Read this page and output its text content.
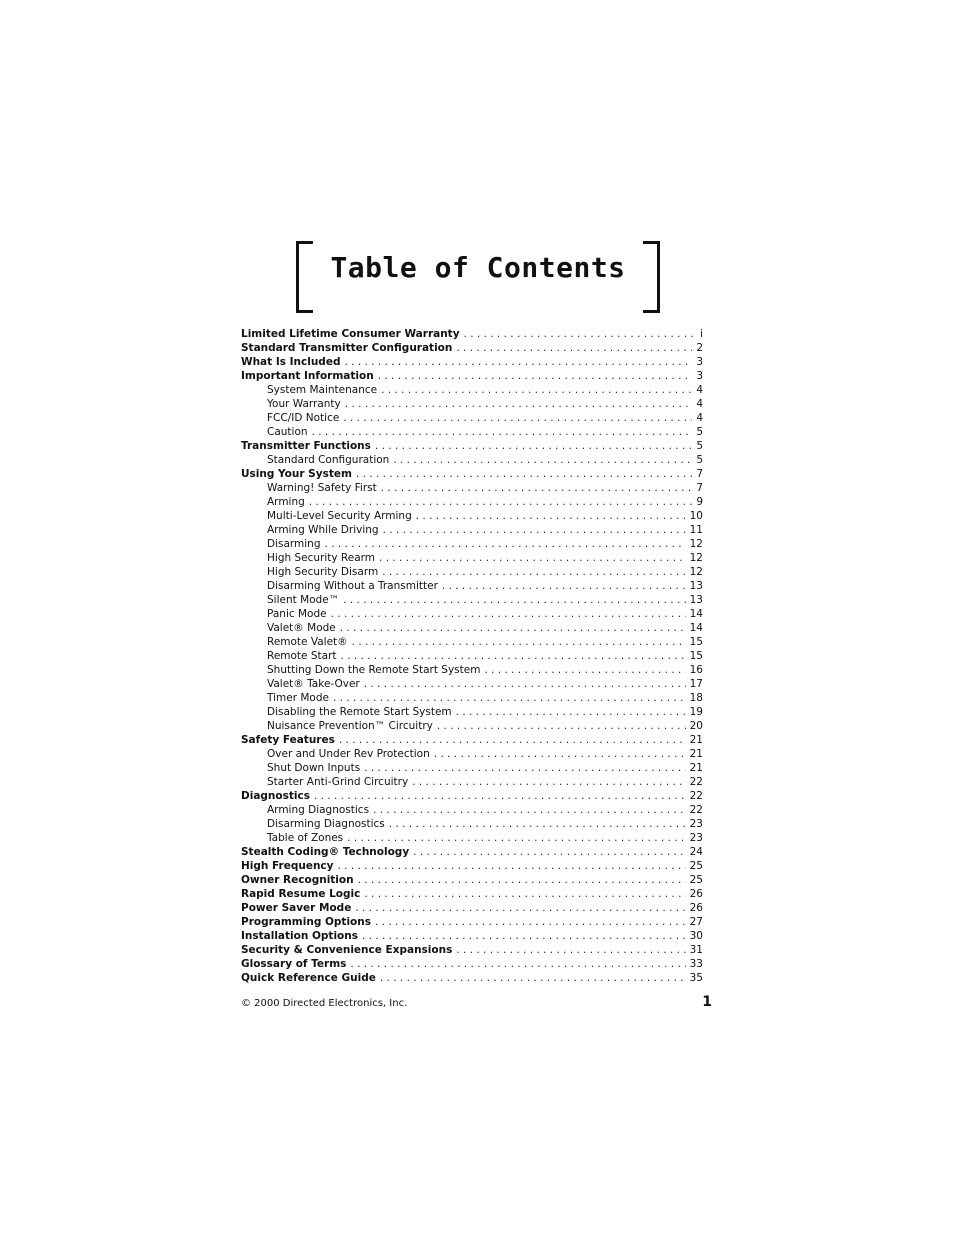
Table of Contents
Limited Lifetime Consumer Warranty . . .	i
Standard Transmitter Configuration . . .	2
What Is Included . . .	3
Important Information . . .	3
System Maintenance . . .	4
Your Warranty . . .	4
FCC/ID Notice . . .	4
Caution . . .	5
Transmitter Functions . . .	5
Standard Configuration . . .	5
Using Your System . . .	7
Warning! Safety First . . .	7
Arming . . .	9
Multi-Level Security Arming . . .	10
Arming While Driving . . .	11
Disarming . . .	12
High Security Rearm . . .	12
High Security Disarm . . .	12
Disarming Without a Transmitter . . .	13
Silent Mode™ . . .	13
Panic Mode . . .	14
Valet® Mode . . .	14
Remote Valet® . . .	15
Remote Start . . .	15
Shutting Down the Remote Start System . . .	16
Valet® Take-Over . . .	17
Timer Mode . . .	18
Disabling the Remote Start System . . .	19
Nuisance Prevention™ Circuitry . . .	20
Safety Features . . .	21
Over and Under Rev Protection . . .	21
Shut Down Inputs . . .	21
Starter Anti-Grind Circuitry . . .	22
Diagnostics . . .	22
Arming Diagnostics . . .	22
Disarming Diagnostics . . .	23
Table of Zones . . .	23
Stealth Coding® Technology . . .	24
High Frequency . . .	25
Owner Recognition . . .	25
Rapid Resume Logic . . .	26
Power Saver Mode . . .	26
Programming Options . . .	27
Installation Options . . .	30
Security & Convenience Expansions . . .	31
Glossary of Terms . . .	33
Quick Reference Guide . . .	35
© 2000 Directed Electronics, Inc.	1
